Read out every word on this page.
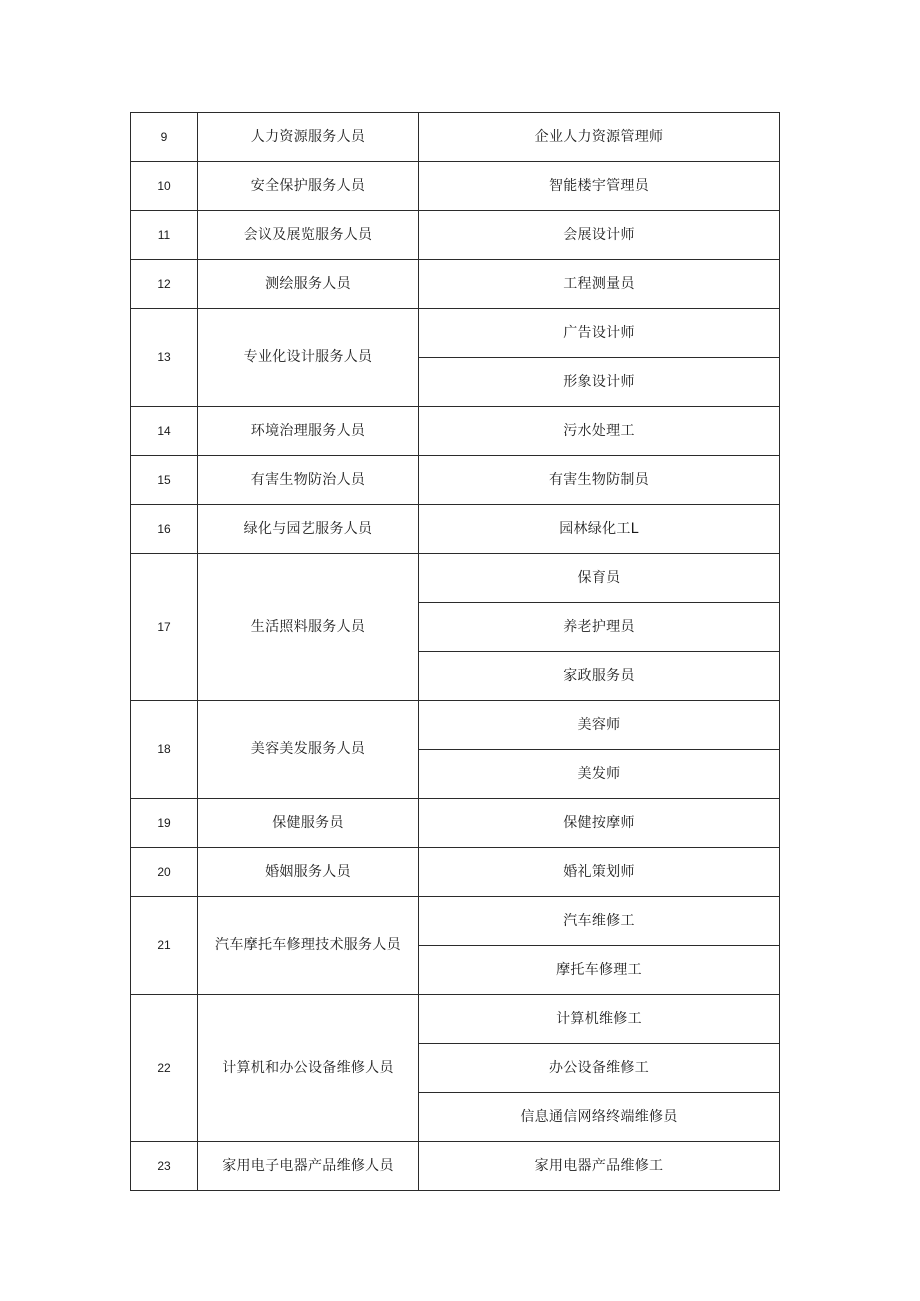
9	人力资源服务人员	企业人力资源管理师
10	安全保护服务人员	智能楼宇管理员
11	会议及展览服务人员	会展设计师
12	测绘服务人员	工程测量员
13	专业化设计服务人员	广告设计师
		形象设计师
14	环境治理服务人员	污水处理工
15	有害生物防治人员	有害生物防制员
16	绿化与园艺服务人员	园林绿化工L
17	生活照料服务人员	保育员
		养老护理员
		家政服务员
18	美容美发服务人员	美容师
		美发师
19	保健服务员	保健按摩师
20	婚姻服务人员	婚礼策划师
21	汽车摩托车修理技术服务人员	汽车维修工
		摩托车修理工
22	计算机和办公设备维修人员	计算机维修工
		办公设备维修工
		信息通信网络终端维修员
23	家用电子电器产品维修人员	家用电器产品维修工
